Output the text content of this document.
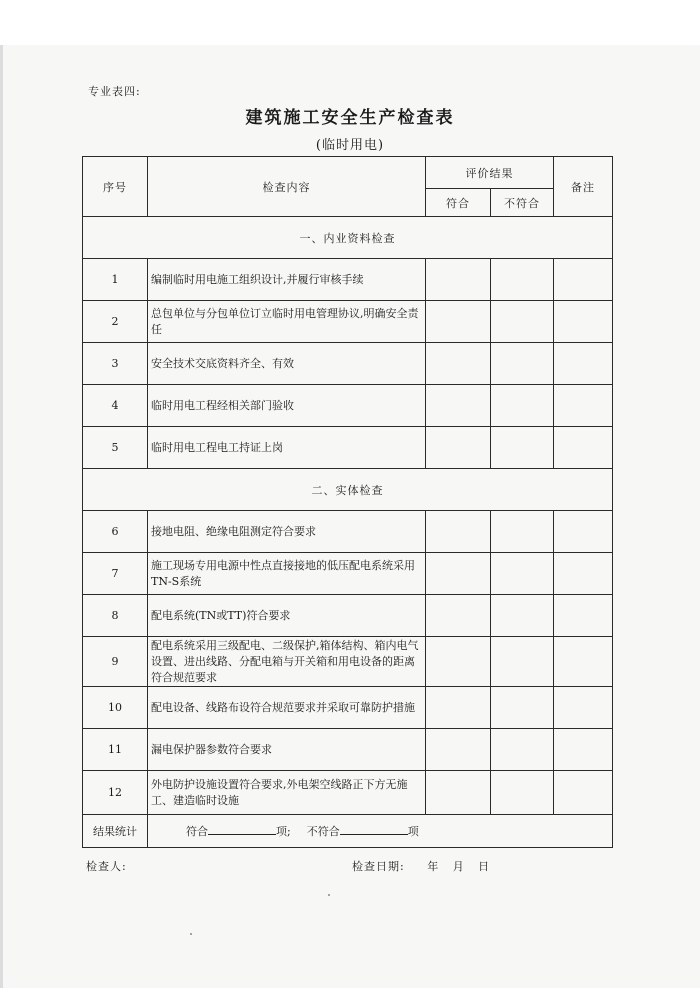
专业表四:
建筑施工安全生产检查表
(临时用电)
序号	检查内容	评价结果		备注
		符合	不符合	
一、内业资料检查				
1	编制临时用电施工组织设计,并履行审核手续			
2	总包单位与分包单位订立临时用电管理协议,明确安全责任			
3	安全技术交底资料齐全、有效			
4	临时用电工程经相关部门验收			
5	临时用电工程电工持证上岗			
二、实体检查				
6	接地电阻、绝缘电阻测定符合要求			
7	施工现场专用电源中性点直接接地的低压配电系统采用TN-S系统			
8	配电系统(TN或TT)符合要求			
9	配电系统采用三级配电、二级保护,箱体结构、箱内电气设置、进出线路、分配电箱与开关箱和用电设备的距离符合规范要求			
10	配电设备、线路布设符合规范要求并采取可靠防护措施			
11	漏电保护器参数符合要求			
12	外电防护设施设置符合要求,外电架空线路正下方无施工、建造临时设施			
结果统计	符合 项; 不符合 项			
检查人:	检查日期: 年   月   日
